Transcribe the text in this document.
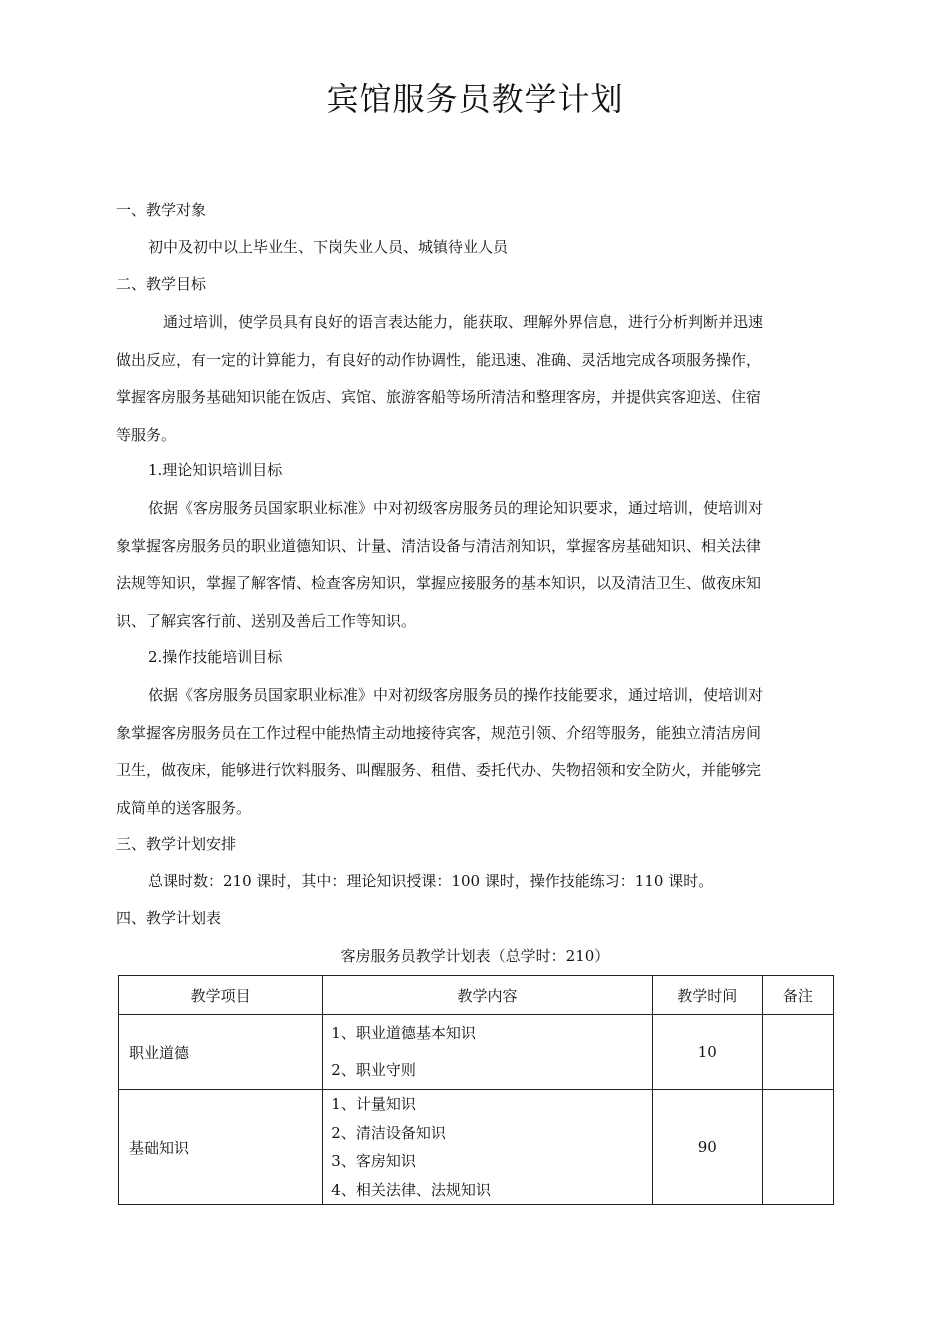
宾馆服务员教学计划
一、教学对象
初中及初中以上毕业生、下岗失业人员、城镇待业人员
二、教学目标
　通过培训，使学员具有良好的语言表达能力，能获取、理解外界信息，进行分析判断并迅速
做出反应，有一定的计算能力，有良好的动作协调性，能迅速、准确、灵活地完成各项服务操作，
掌握客房服务基础知识能在饭店、宾馆、旅游客船等场所清洁和整理客房，并提供宾客迎送、住宿
等服务。
1.理论知识培训目标
依据《客房服务员国家职业标准》中对初级客房服务员的理论知识要求，通过培训，使培训对
象掌握客房服务员的职业道德知识、计量、清洁设备与清洁剂知识，掌握客房基础知识、相关法律
法规等知识，掌握了解客情、检查客房知识，掌握应接服务的基本知识，以及清洁卫生、做夜床知
识、了解宾客行前、送别及善后工作等知识。
2.操作技能培训目标
依据《客房服务员国家职业标准》中对初级客房服务员的操作技能要求，通过培训，使培训对
象掌握客房服务员在工作过程中能热情主动地接待宾客，规范引领、介绍等服务，能独立清洁房间
卫生，做夜床，能够进行饮料服务、叫醒服务、租借、委托代办、失物招领和安全防火，并能够完
成简单的送客服务。
三、教学计划安排
总课时数：210 课时，其中：理论知识授课：100 课时，操作技能练习：110 课时。
四、教学计划表
客房服务员教学计划表（总学时：210）
教学项目	教学内容	教学时间	备注
职业道德	1、职业道德基本知识
2、职业守则	10	
基础知识	1、计量知识
2、清洁设备知识
3、客房知识
4、相关法律、法规知识	90	
